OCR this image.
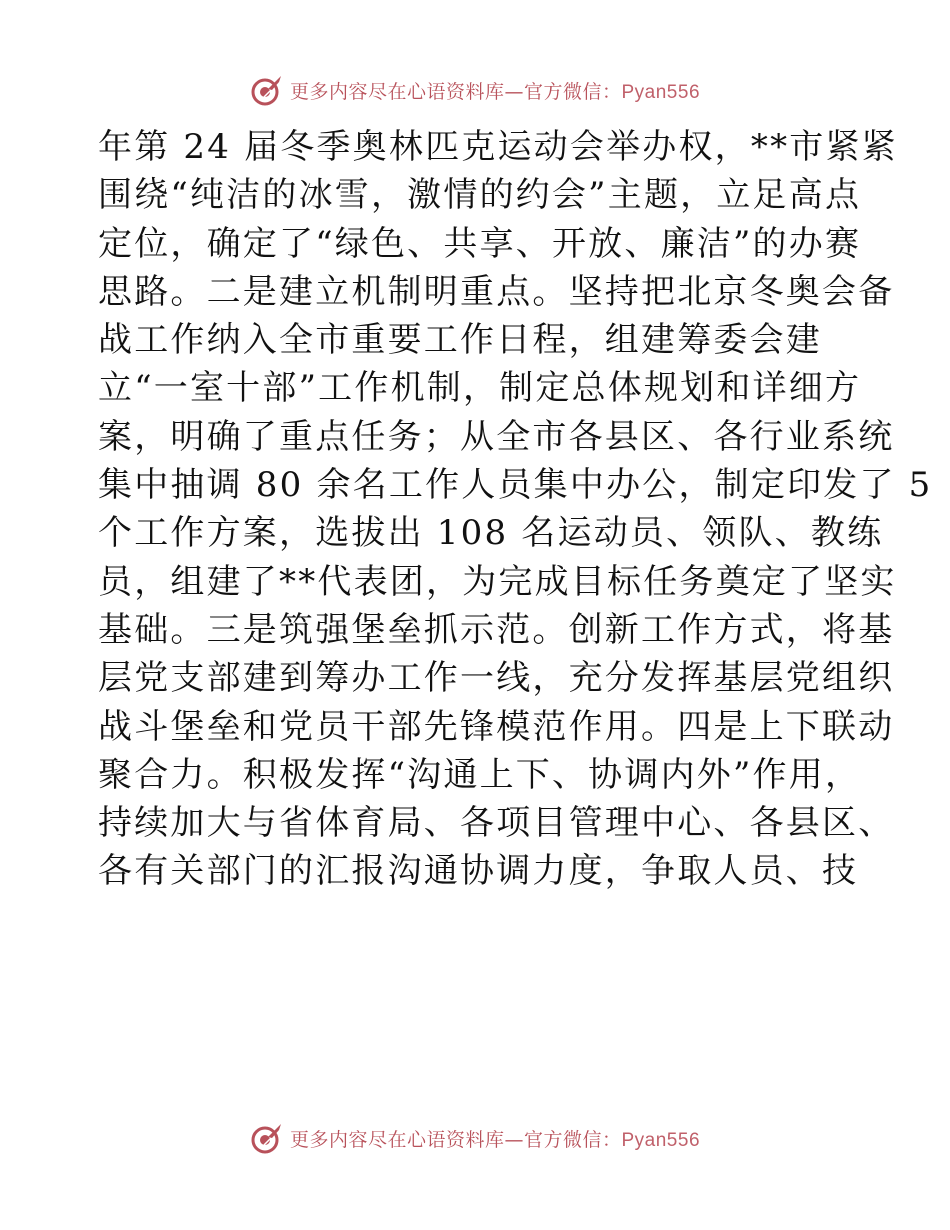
更多内容尽在心语资料库—官方微信：Pyan556
年第 24 届冬季奥林匹克运动会举办权，**市紧紧
围绕“纯洁的冰雪，激情的约会”主题，立足高点
定位，确定了“绿色、共享、开放、廉洁”的办赛
思路。二是建立机制明重点。坚持把北京冬奥会备
战工作纳入全市重要工作日程，组建筹委会建
立“一室十部”工作机制，制定总体规划和详细方
案，明确了重点任务；从全市各县区、各行业系统
集中抽调 80 余名工作人员集中办公，制定印发了 5
个工作方案，选拔出 108 名运动员、领队、教练
员，组建了**代表团，为完成目标任务奠定了坚实
基础。三是筑强堡垒抓示范。创新工作方式，将基
层党支部建到筹办工作一线，充分发挥基层党组织
战斗堡垒和党员干部先锋模范作用。四是上下联动
聚合力。积极发挥“沟通上下、协调内外”作用，
持续加大与省体育局、各项目管理中心、各县区、
各有关部门的汇报沟通协调力度，争取人员、技
更多内容尽在心语资料库—官方微信：Pyan556
